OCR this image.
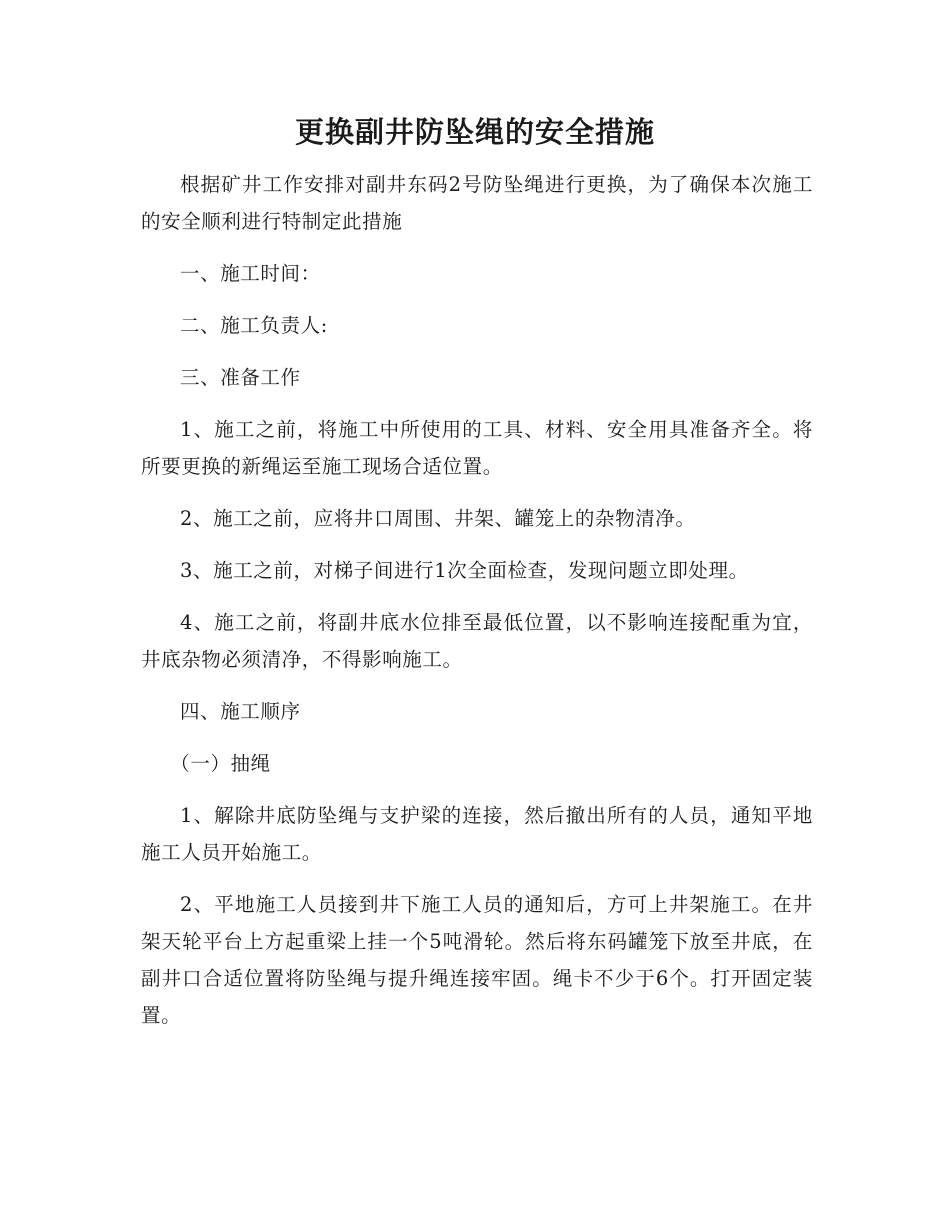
更换副井防坠绳的安全措施

根据矿井工作安排对副井东码2号防坠绳进行更换，为了确保本次施工的安全顺利进行特制定此措施

一、施工时间：

二、施工负责人:

三、准备工作

1、施工之前，将施工中所使用的工具、材料、安全用具准备齐全。将所要更换的新绳运至施工现场合适位置。

2、施工之前，应将井口周围、井架、罐笼上的杂物清净。

3、施工之前，对梯子间进行1次全面检查，发现问题立即处理。

4、施工之前，将副井底水位排至最低位置，以不影响连接配重为宜，井底杂物必须清净，不得影响施工。

四、施工顺序

（一）抽绳

1、解除井底防坠绳与支护梁的连接，然后撤出所有的人员，通知平地施工人员开始施工。

2、平地施工人员接到井下施工人员的通知后，方可上井架施工。在井架天轮平台上方起重梁上挂一个5吨滑轮。然后将东码罐笼下放至井底，在副井口合适位置将防坠绳与提升绳连接牢固。绳卡不少于6个。打开固定装置。
